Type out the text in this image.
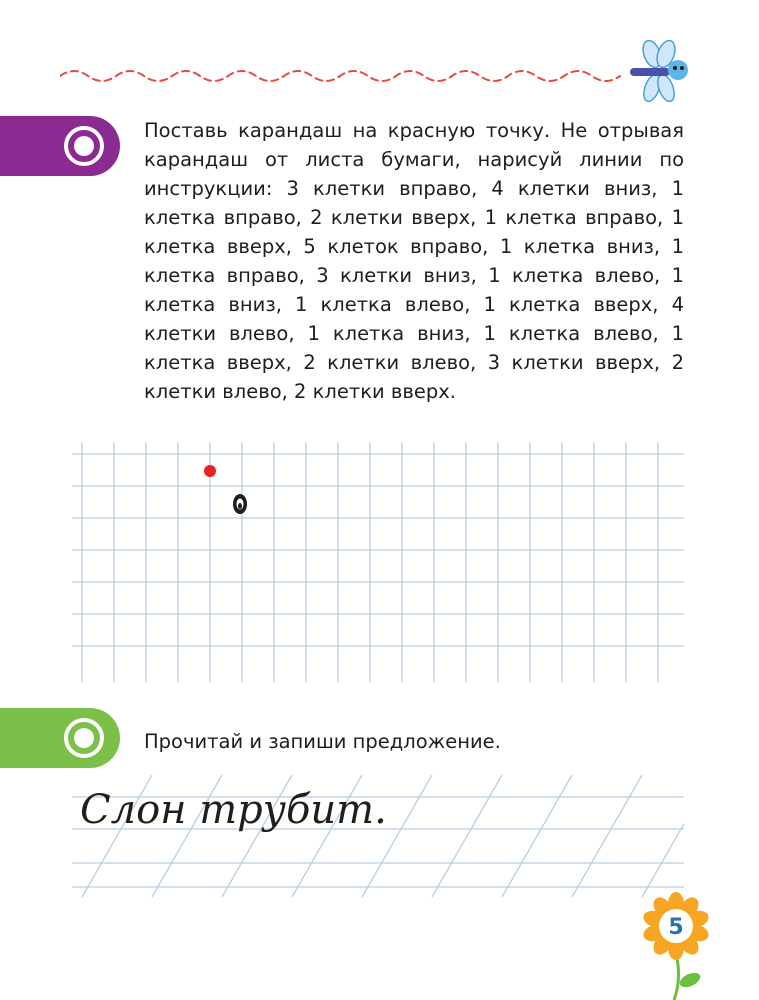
Поставь карандаш на красную точку. Не отрывая карандаш от листа бумаги, нарисуй линии по инструкции: 3 клетки вправо, 4 клетки вниз, 1 клетка вправо, 2 клетки вверх, 1 клетка вправо, 1 клетка вверх, 5 клеток вправо, 1 клетка вниз, 1 клетка вправо, 3 клетки вниз, 1 клетка влево, 1 клетка вниз, 1 клетка влево, 1 клетка вверх, 4 клетки влево, 1 клетка вниз, 1 клетка влево, 1 клетка вверх, 2 клетки влево, 3 клетки вверх, 2 клетки влево, 2 клетки вверх.

Прочитай и запиши предложение.

Слон трубит.
5
